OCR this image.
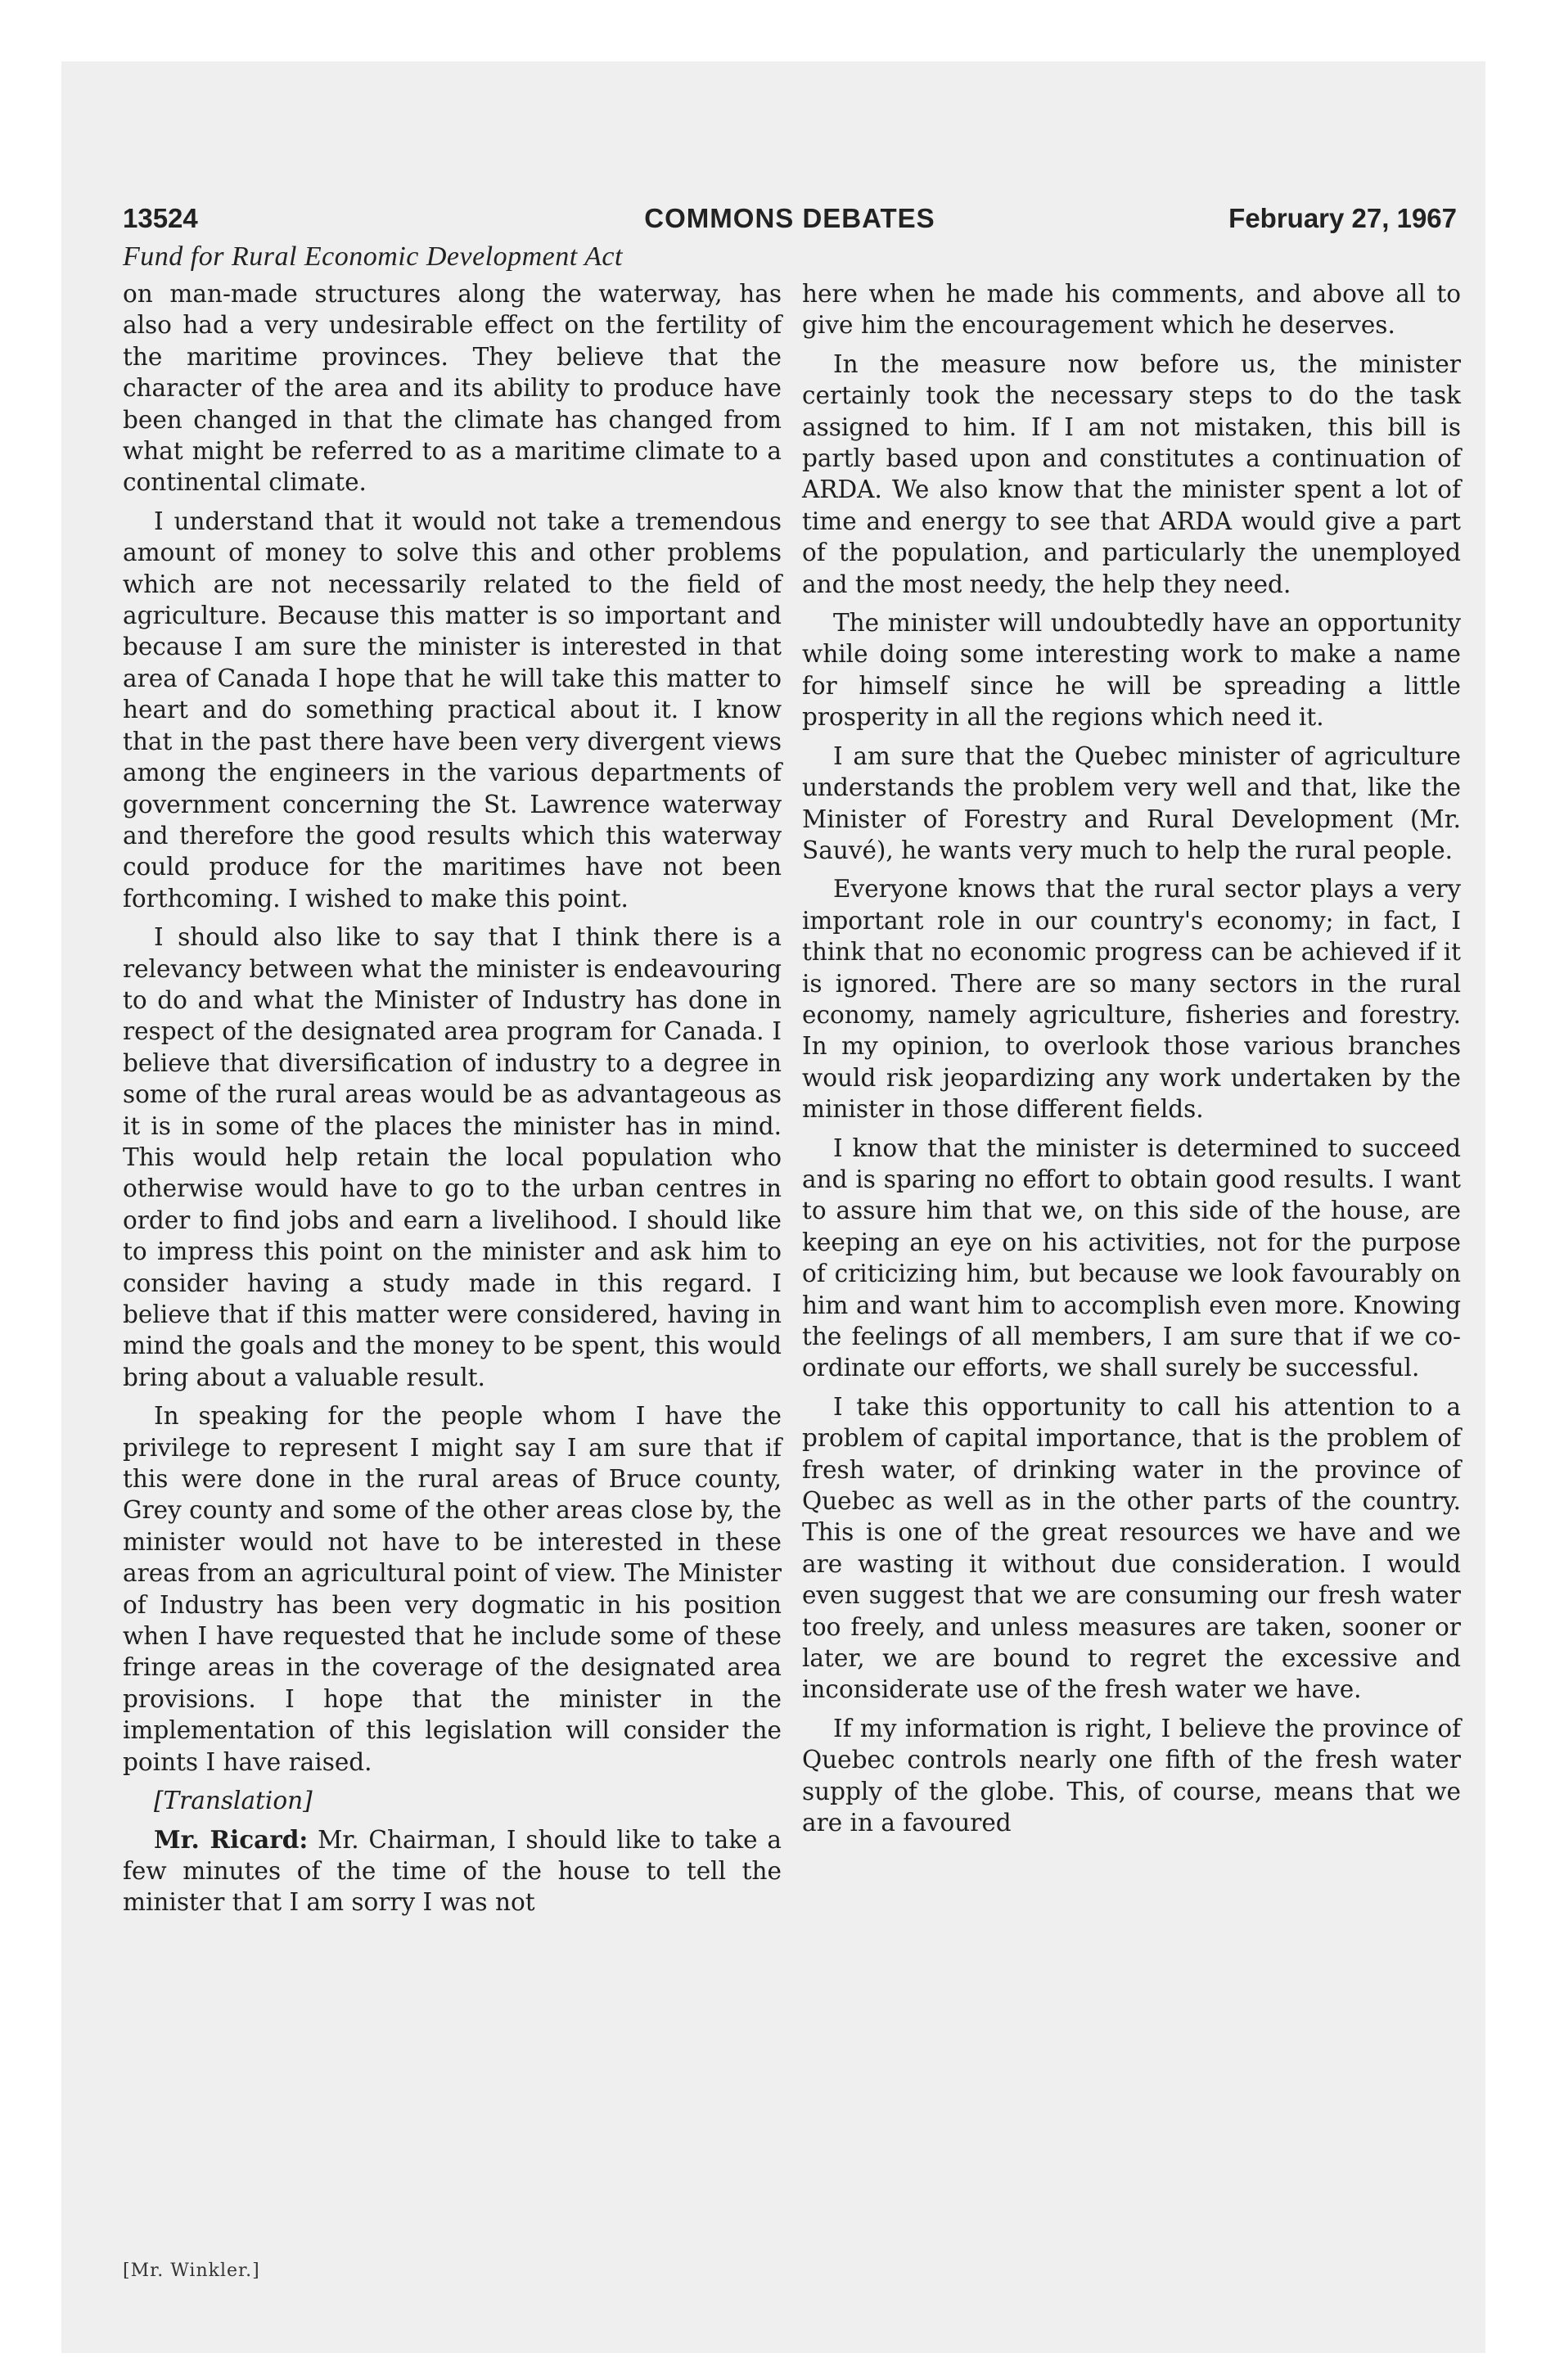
13524	COMMONS DEBATES	February 27, 1967
Fund for Rural Economic Development Act

on man-made structures along the waterway, has also had a very undesirable effect on the fertility of the maritime provinces. They believe that the character of the area and its ability to produce have been changed in that the climate has changed from what might be referred to as a maritime climate to a continental climate.

I understand that it would not take a tremendous amount of money to solve this and other problems which are not necessarily related to the field of agriculture. Because this matter is so important and because I am sure the minister is interested in that area of Canada I hope that he will take this matter to heart and do something practical about it. I know that in the past there have been very divergent views among the engineers in the various departments of government concerning the St. Lawrence waterway and therefore the good results which this waterway could produce for the maritimes have not been forthcoming. I wished to make this point.

I should also like to say that I think there is a relevancy between what the minister is endeavouring to do and what the Minister of Industry has done in respect of the designated area program for Canada. I believe that diversification of industry to a degree in some of the rural areas would be as advantageous as it is in some of the places the minister has in mind. This would help retain the local population who otherwise would have to go to the urban centres in order to find jobs and earn a livelihood. I should like to impress this point on the minister and ask him to consider having a study made in this regard. I believe that if this matter were considered, having in mind the goals and the money to be spent, this would bring about a valuable result.

In speaking for the people whom I have the privilege to represent I might say I am sure that if this were done in the rural areas of Bruce county, Grey county and some of the other areas close by, the minister would not have to be interested in these areas from an agricultural point of view. The Minister of Industry has been very dogmatic in his position when I have requested that he include some of these fringe areas in the coverage of the designated area provisions. I hope that the minister in the implementation of this legislation will consider the points I have raised.

[Translation]

Mr. Ricard: Mr. Chairman, I should like to take a few minutes of the time of the house to tell the minister that I am sorry I was not

here when he made his comments, and above all to give him the encouragement which he deserves.

In the measure now before us, the minister certainly took the necessary steps to do the task assigned to him. If I am not mistaken, this bill is partly based upon and constitutes a continuation of ARDA. We also know that the minister spent a lot of time and energy to see that ARDA would give a part of the population, and particularly the unemployed and the most needy, the help they need.

The minister will undoubtedly have an opportunity while doing some interesting work to make a name for himself since he will be spreading a little prosperity in all the regions which need it.

I am sure that the Quebec minister of agriculture understands the problem very well and that, like the Minister of Forestry and Rural Development (Mr. Sauvé), he wants very much to help the rural people.

Everyone knows that the rural sector plays a very important role in our country's economy; in fact, I think that no economic progress can be achieved if it is ignored. There are so many sectors in the rural economy, namely agriculture, fisheries and forestry. In my opinion, to overlook those various branches would risk jeopardizing any work undertaken by the minister in those different fields.

I know that the minister is determined to succeed and is sparing no effort to obtain good results. I want to assure him that we, on this side of the house, are keeping an eye on his activities, not for the purpose of criticizing him, but because we look favourably on him and want him to accomplish even more. Knowing the feelings of all members, I am sure that if we co-ordinate our efforts, we shall surely be successful.

I take this opportunity to call his attention to a problem of capital importance, that is the problem of fresh water, of drinking water in the province of Quebec as well as in the other parts of the country. This is one of the great resources we have and we are wasting it without due consideration. I would even suggest that we are consuming our fresh water too freely, and unless measures are taken, sooner or later, we are bound to regret the excessive and inconsiderate use of the fresh water we have.

If my information is right, I believe the province of Quebec controls nearly one fifth of the fresh water supply of the globe. This, of course, means that we are in a favoured

[Mr. Winkler.]
